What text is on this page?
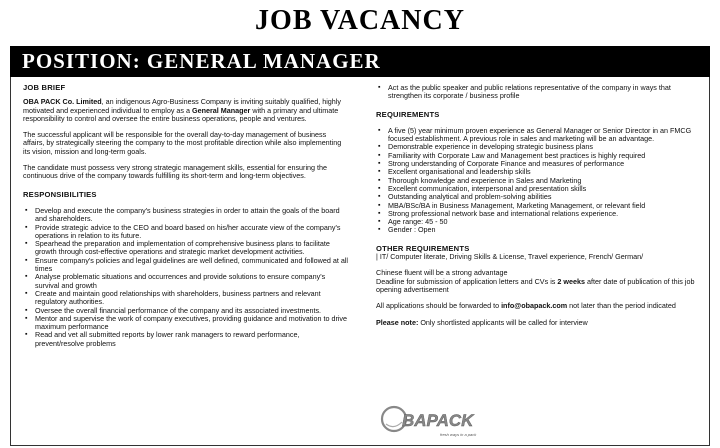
JOB VACANCY
POSITION: GENERAL MANAGER
JOB BRIEF

OBA PACK Co. Limited, an indigenous Agro-Business Company is inviting suitably qualified, highly motivated and experienced individual to employ as a General Manager with a primary and ultimate responsibility to control and oversee the entire business operations, people and ventures.

The successful applicant will be responsible for the overall day-to-day management of business affairs, by strategically steering the company to the most profitable direction while also implementing its vision, mission and long-term goals.

The candidate must possess very strong strategic management skills, essential for ensuring the continuous drive of the company towards fulfilling its short-term and long-term objectives.

RESPONSIBILITIES
▪ Develop and execute the company's business strategies in order to attain the goals of the board and shareholders.
▪ Provide strategic advice to the CEO and board based on his/her accurate view of the company's operations in relation to its future.
▪ Spearhead the preparation and implementation of comprehensive business plans to facilitate growth through cost-effective operations and strategic market development activities.
▪ Ensure company's policies and legal guidelines are well defined, communicated and followed at all times
▪ Analyse problematic situations and occurrences and provide solutions to ensure company's survival and growth
▪ Create and maintain good relationships with shareholders, business partners and relevant regulatory authorities.
▪ Oversee the overall financial performance of the company and its associated investments.
▪ Mentor and supervise the work of company executives, providing guidance and motivation to drive maximum performance
▪ Read and vet all submitted reports by lower rank managers to reward performance, prevent/resolve problems
▪ Act as the public speaker and public relations representative of the company in ways that strengthen its corporate / business profile
REQUIREMENTS
▪ A five (5) year minimum proven experience as General Manager or Senior Director in an FMCG focused establishment. A previous role in sales and marketing will be an advantage.
▪ Demonstrable experience in developing strategic business plans
▪ Familiarity with Corporate Law and Management best practices is highly required
▪ Strong understanding of Corporate Finance and measures of performance
▪ Excellent organisational and leadership skills
▪ Thorough knowledge and experience in Sales and Marketing
▪ Excellent communication, interpersonal and presentation skills
▪ Outstanding analytical and problem-solving abilities
▪ MBA/BSc/BA in Business Management, Marketing Management, or relevant field
▪ Strong professional network base and international relations experience.
▪ Age range: 45 - 50
▪ Gender : Open
OTHER REQUIREMENTS

| IT/ Computer literate, Driving Skills & License, Travel experience, French/ German/

Chinese fluent will be a strong advantage

Deadline for submission of application letters and CVs is 2 weeks after date of publication of this job opening advertisement

All applications should be forwarded to info@obapack.com not later than the period indicated

Please note: Only shortlisted applicants will be called for interview

BAPACK
fresh ways in a pack
